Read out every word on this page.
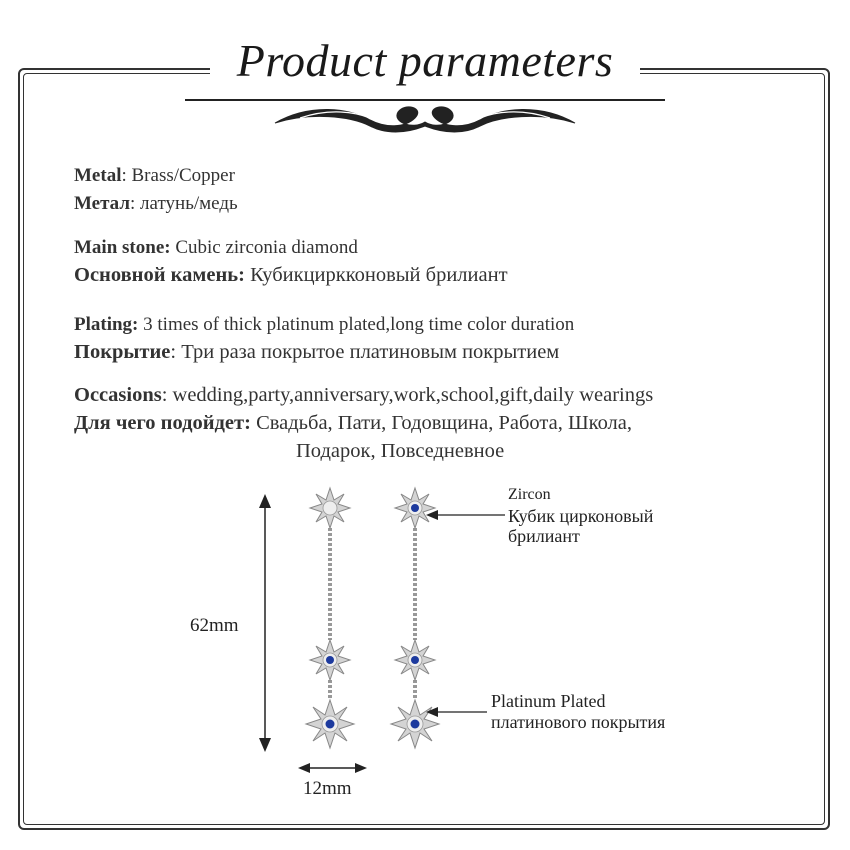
Product parameters
Metal: Brass/Copper
Метал: латунь/медь
Main stone: Cubic zirconia diamond
Основной камень: Кубикциркконовый брилиант
Plating: 3 times of thick platinum plated,long time color duration
Покрытие: Три раза покрытое платиновым покрытием
Occasions: wedding,party,anniversary,work,school,gift,daily wearings
Для чего подойдет: Свадьба, Пати, Годовщина, Работа, Школа,
Подарок, Повседневное
62mm
12mm
Zircon
Кубик цирконовый
брилиант
Platinum Plated
платинового покрытия
